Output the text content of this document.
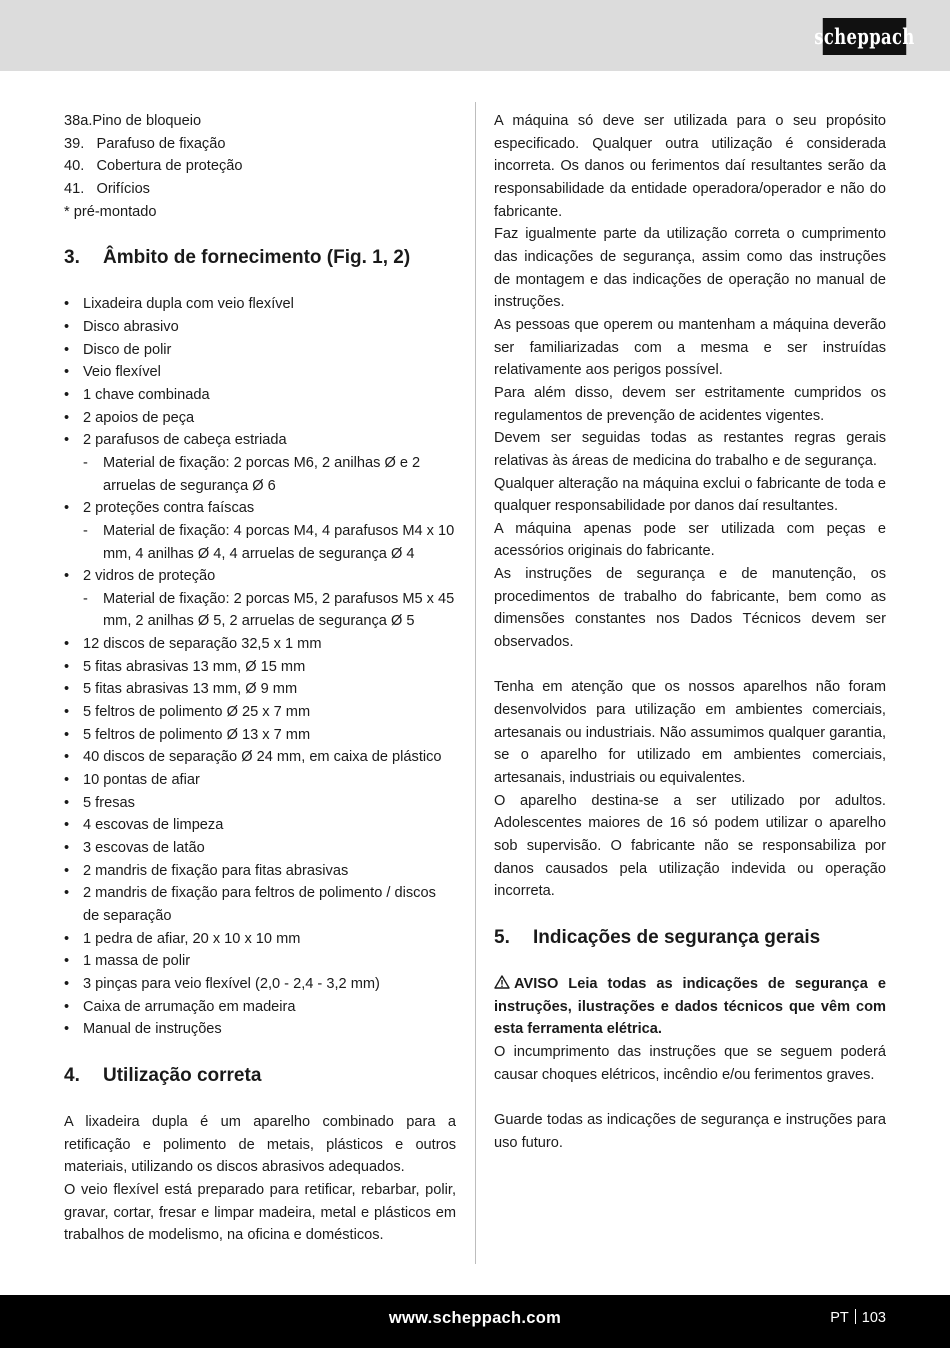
scheppach

38a.Pino de bloqueio

39. Parafuso de fixação

40. Cobertura de proteção

41. Orifícios

* pré-montado

3. Âmbito de fornecimento (Fig. 1, 2)
• Lixadeira dupla com veio flexível
• Disco abrasivo
• Disco de polir
• Veio flexível
• 1 chave combinada
• 2 apoios de peça
• 2 parafusos de cabeça estriada
- Material de fixação: 2 porcas M6, 2 anilhas Ø e 2 arruelas de segurança Ø 6
• 2 proteções contra faíscas
- Material de fixação: 4 porcas M4, 4 parafusos M4 x 10 mm, 4 anilhas Ø 4, 4 arruelas de segurança Ø 4
• 2 vidros de proteção
- Material de fixação: 2 porcas M5, 2 parafusos M5 x 45 mm, 2 anilhas Ø 5, 2 arruelas de segurança Ø 5
• 12 discos de separação 32,5 x 1 mm
• 5 fitas abrasivas 13 mm, Ø 15 mm
• 5 fitas abrasivas 13 mm, Ø 9 mm
• 5 feltros de polimento Ø 25 x 7 mm
• 5 feltros de polimento Ø 13 x 7 mm
• 40 discos de separação Ø 24 mm, em caixa de plástico
• 10 pontas de afiar
• 5 fresas
• 4 escovas de limpeza
• 3 escovas de latão
• 2 mandris de fixação para fitas abrasivas
• 2 mandris de fixação para feltros de polimento / discos de separação
• 1 pedra de afiar, 20 x 10 x 10 mm
• 1 massa de polir
• 3 pinças para veio flexível (2,0 - 2,4 - 3,2 mm)
• Caixa de arrumação em madeira
• Manual de instruções
4. Utilização correta

A lixadeira dupla é um aparelho combinado para a retificação e polimento de metais, plásticos e outros materiais, utilizando os discos abrasivos adequados.

O veio flexível está preparado para retificar, rebarbar, polir, gravar, cortar, fresar e limpar madeira, metal e plásticos em trabalhos de modelismo, na oficina e domésticos.

A máquina só deve ser utilizada para o seu propósito especificado. Qualquer outra utilização é considerada incorreta. Os danos ou ferimentos daí resultantes serão da responsabilidade da entidade operadora/operador e não do fabricante.

Faz igualmente parte da utilização correta o cumprimento das indicações de segurança, assim como das instruções de montagem e das indicações de operação no manual de instruções.

As pessoas que operem ou mantenham a máquina deverão ser familiarizadas com a mesma e ser instruídas relativamente aos perigos possível.

Para além disso, devem ser estritamente cumpridos os regulamentos de prevenção de acidentes vigentes.

Devem ser seguidas todas as restantes regras gerais relativas às áreas de medicina do trabalho e de segurança.

Qualquer alteração na máquina exclui o fabricante de toda e qualquer responsabilidade por danos daí resultantes.

A máquina apenas pode ser utilizada com peças e acessórios originais do fabricante.

As instruções de segurança e de manutenção, os procedimentos de trabalho do fabricante, bem como as dimensões constantes nos Dados Técnicos devem ser observados.

Tenha em atenção que os nossos aparelhos não foram desenvolvidos para utilização em ambientes comerciais, artesanais ou industriais. Não assumimos qualquer garantia, se o aparelho for utilizado em ambientes comerciais, artesanais, industriais ou equivalentes.

O aparelho destina-se a ser utilizado por adultos. Adolescentes maiores de 16 só podem utilizar o aparelho sob supervisão. O fabricante não se responsabiliza por danos causados pela utilização indevida ou operação incorreta.

5. Indicações de segurança gerais

AVISO Leia todas as indicações de segurança e instruções, ilustrações e dados técnicos que vêm com esta ferramenta elétrica.

O incumprimento das instruções que se seguem poderá causar choques elétricos, incêndio e/ou ferimentos graves.

Guarde todas as indicações de segurança e instruções para uso futuro.

www.scheppach.com	PT 103
